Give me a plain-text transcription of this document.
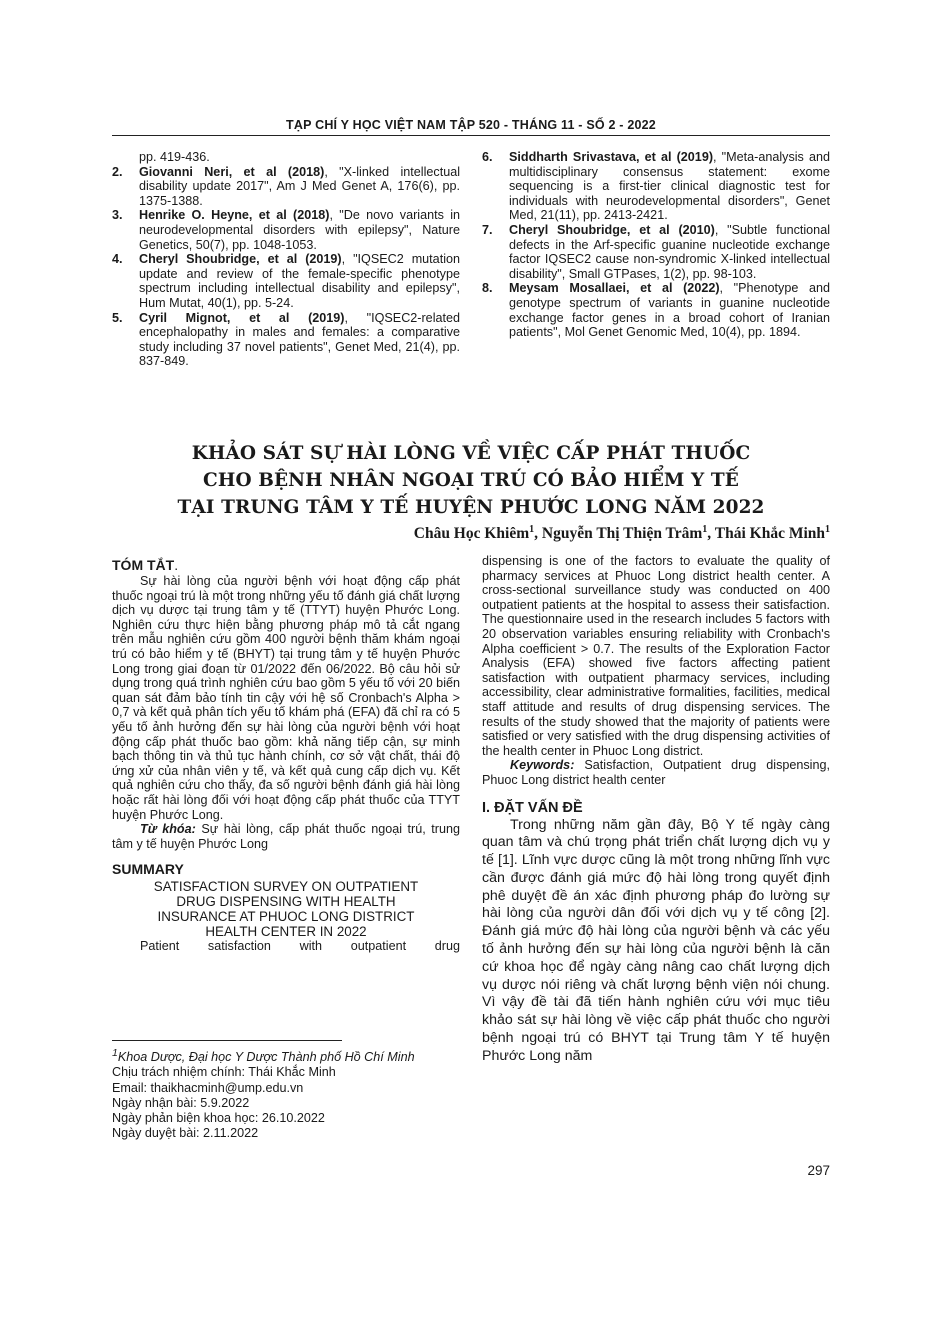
TẠP CHÍ Y HỌC VIỆT NAM TẬP 520 - THÁNG 11 - SỐ 2 - 2022
pp. 419-436.
2. Giovanni Neri, et al (2018), "X-linked intellectual disability update 2017", Am J Med Genet A, 176(6), pp. 1375-1388.
3. Henrike O. Heyne, et al (2018), "De novo variants in neurodevelopmental disorders with epilepsy", Nature Genetics, 50(7), pp. 1048-1053.
4. Cheryl Shoubridge, et al (2019), "IQSEC2 mutation update and review of the female-specific phenotype spectrum including intellectual disability and epilepsy", Hum Mutat, 40(1), pp. 5-24.
5. Cyril Mignot, et al (2019), "IQSEC2-related encephalopathy in males and females: a comparative study including 37 novel patients", Genet Med, 21(4), pp. 837-849.
6. Siddharth Srivastava, et al (2019), "Meta-analysis and multidisciplinary consensus statement: exome sequencing is a first-tier clinical diagnostic test for individuals with neurodevelopmental disorders", Genet Med, 21(11), pp. 2413-2421.
7. Cheryl Shoubridge, et al (2010), "Subtle functional defects in the Arf-specific guanine nucleotide exchange factor IQSEC2 cause non-syndromic X-linked intellectual disability", Small GTPases, 1(2), pp. 98-103.
8. Meysam Mosallaei, et al (2022), "Phenotype and genotype spectrum of variants in guanine nucleotide exchange factor genes in a broad cohort of Iranian patients", Mol Genet Genomic Med, 10(4), pp. 1894.
KHẢO SÁT SỰ HÀI LÒNG VỀ VIỆC CẤP PHÁT THUỐC
CHO BỆNH NHÂN NGOẠI TRÚ CÓ BẢO HIỂM Y TẾ
TẠI TRUNG TÂM Y TẾ HUYỆN PHƯỚC LONG NĂM 2022
Châu Học Khiêm$^1$, Nguyễn Thị Thiện Trâm$^1$, Thái Khắc Minh$^1$
TÓM TẮT.

Sự hài lòng của người bệnh với hoạt động cấp phát thuốc ngoại trú là một trong những yếu tố đánh giá chất lượng dịch vụ dược tại trung tâm y tế (TTYT) huyện Phước Long. Nghiên cứu thực hiện bằng phương pháp mô tả cắt ngang trên mẫu nghiên cứu gồm 400 người bệnh thăm khám ngoại trú có bảo hiểm y tế (BHYT) tại trung tâm y tế huyện Phước Long trong giai đoạn từ 01/2022 đến 06/2022. Bộ câu hỏi sử dụng trong quá trình nghiên cứu bao gồm 5 yếu tố với 20 biến quan sát đảm bảo tính tin cậy với hệ số Cronbach's Alpha > 0,7 và kết quả phân tích yếu tố khám phá (EFA) đã chỉ ra có 5 yếu tố ảnh hưởng đến sự hài lòng của người bệnh với hoạt động cấp phát thuốc bao gồm: khả năng tiếp cận, sự minh bạch thông tin và thủ tục hành chính, cơ sở vật chất, thái độ ứng xử của nhân viên y tế, và kết quả cung cấp dịch vụ. Kết quả nghiên cứu cho thấy, đa số người bệnh đánh giá hài lòng hoặc rất hài lòng đối với hoạt động cấp phát thuốc của TTYT huyện Phước Long.

Từ khóa: Sự hài lòng, cấp phát thuốc ngoại trú, trung tâm y tế huyện Phước Long

SUMMARY

SATISFACTION SURVEY ON OUTPATIENT

DRUG DISPENSING WITH HEALTH

INSURANCE AT PHUOC LONG DISTRICT

HEALTH CENTER IN 2022

Patient satisfaction with outpatient drug

$^1$Khoa Dược, Đại học Y Dược Thành phố Hồ Chí Minh
Chịu trách nhiệm chính: Thái Khắc Minh
Email: thaikhacminh@ump.edu.vn
Ngày nhận bài: 5.9.2022
Ngày phản biện khoa học: 26.10.2022
Ngày duyệt bài: 2.11.2022

dispensing is one of the factors to evaluate the quality of pharmacy services at Phuoc Long district health center. A cross-sectional surveillance study was conducted on 400 outpatient patients at the hospital to assess their satisfaction. The questionnaire used in the research includes 5 factors with 20 observation variables ensuring reliability with Cronbach's Alpha coefficient > 0.7. The results of the Exploration Factor Analysis (EFA) showed five factors affecting patient satisfaction with outpatient pharmacy services, including accessibility, clear administrative formalities, facilities, medical staff attitude and results of drug dispensing services. The results of the study showed that the majority of patients were satisfied or very satisfied with the drug dispensing activities of the health center in Phuoc Long district.

Keywords: Satisfaction, Outpatient drug dispensing, Phuoc Long district health center

I. ĐẶT VẤN ĐỀ

Trong những năm gần đây, Bộ Y tế ngày càng quan tâm và chú trọng phát triển chất lượng dịch vụ y tế [1]. Lĩnh vực dược cũng là một trong những lĩnh vực cần được đánh giá mức độ hài lòng trong quyết định phê duyệt đề án xác định phương pháp đo lường sự hài lòng của người dân đối với dịch vụ y tế công [2]. Đánh giá mức độ hài lòng của người bệnh và các yếu tố ảnh hưởng đến sự hài lòng của người bệnh là căn cứ khoa học để ngày càng nâng cao chất lượng dịch vụ dược nói riêng và chất lượng bệnh viện nói chung. Vì vậy đề tài đã tiến hành nghiên cứu với mục tiêu khảo sát sự hài lòng về việc cấp phát thuốc cho người bệnh ngoại trú có BHYT tại Trung tâm Y tế huyện Phước Long năm

297
